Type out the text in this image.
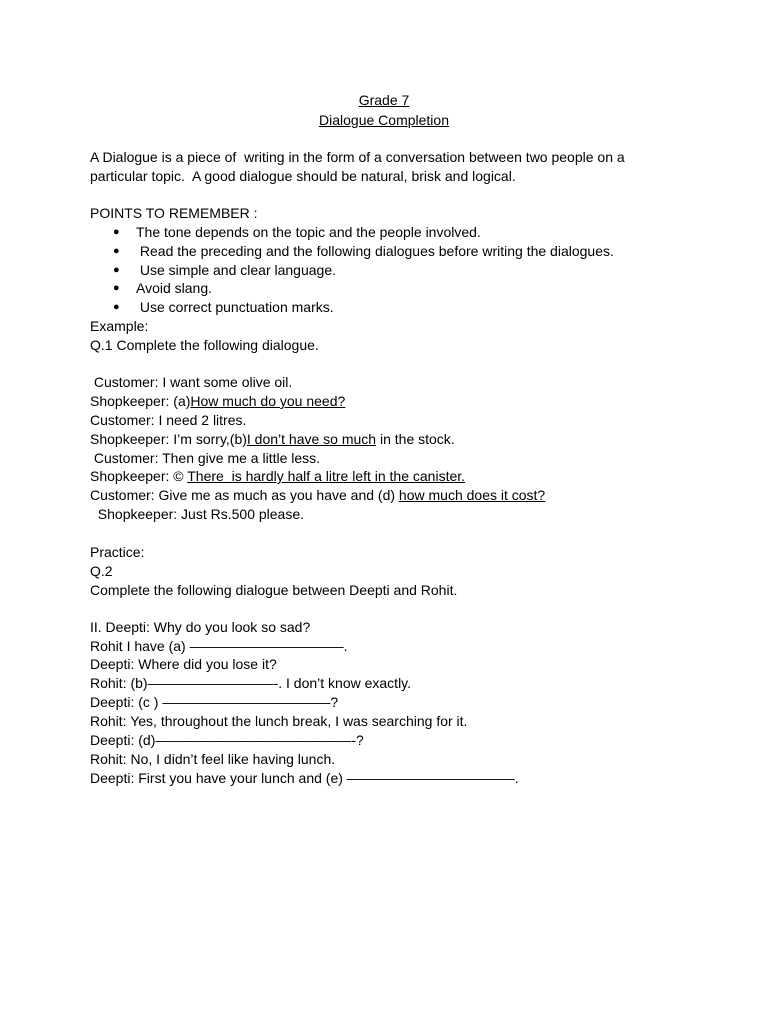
Grade 7
Dialogue Completion
A Dialogue is a piece of  writing in the form of a conversation between two people on a
particular topic.  A good dialogue should be natural, brisk and logical.
POINTS TO REMEMBER :
● The tone depends on the topic and the people involved.
● Read the preceding and the following dialogues before writing the dialogues.
● Use simple and clear language.
● Avoid slang.
● Use correct punctuation marks.
Example:
Q.1 Complete the following dialogue.
Customer: I want some olive oil.
Shopkeeper: (a)How much do you need?
Customer: I need 2 litres.
Shopkeeper: I’m sorry,(b)I don’t have so much in the stock.
Customer: Then give me a little less.
Shopkeeper: © There  is hardly half a litre left in the canister.
Customer: Give me as much as you have and (d) how much does it cost?
Shopkeeper: Just Rs.500 please.
Practice:
Q.2
Complete the following dialogue between Deepti and Rohit.
II. Deepti: Why do you look so sad?
Rohit I have (a) ———————————.
Deepti: Where did you lose it?
Rohit: (b)—————————-. I don’t know exactly.
Deepti: (c ) ————————————?
Rohit: Yes, throughout the lunch break, I was searching for it.
Deepti: (d)——————————————-?
Rohit: No, I didn’t feel like having lunch.
Deepti: First you have your lunch and (e) ————————————.
